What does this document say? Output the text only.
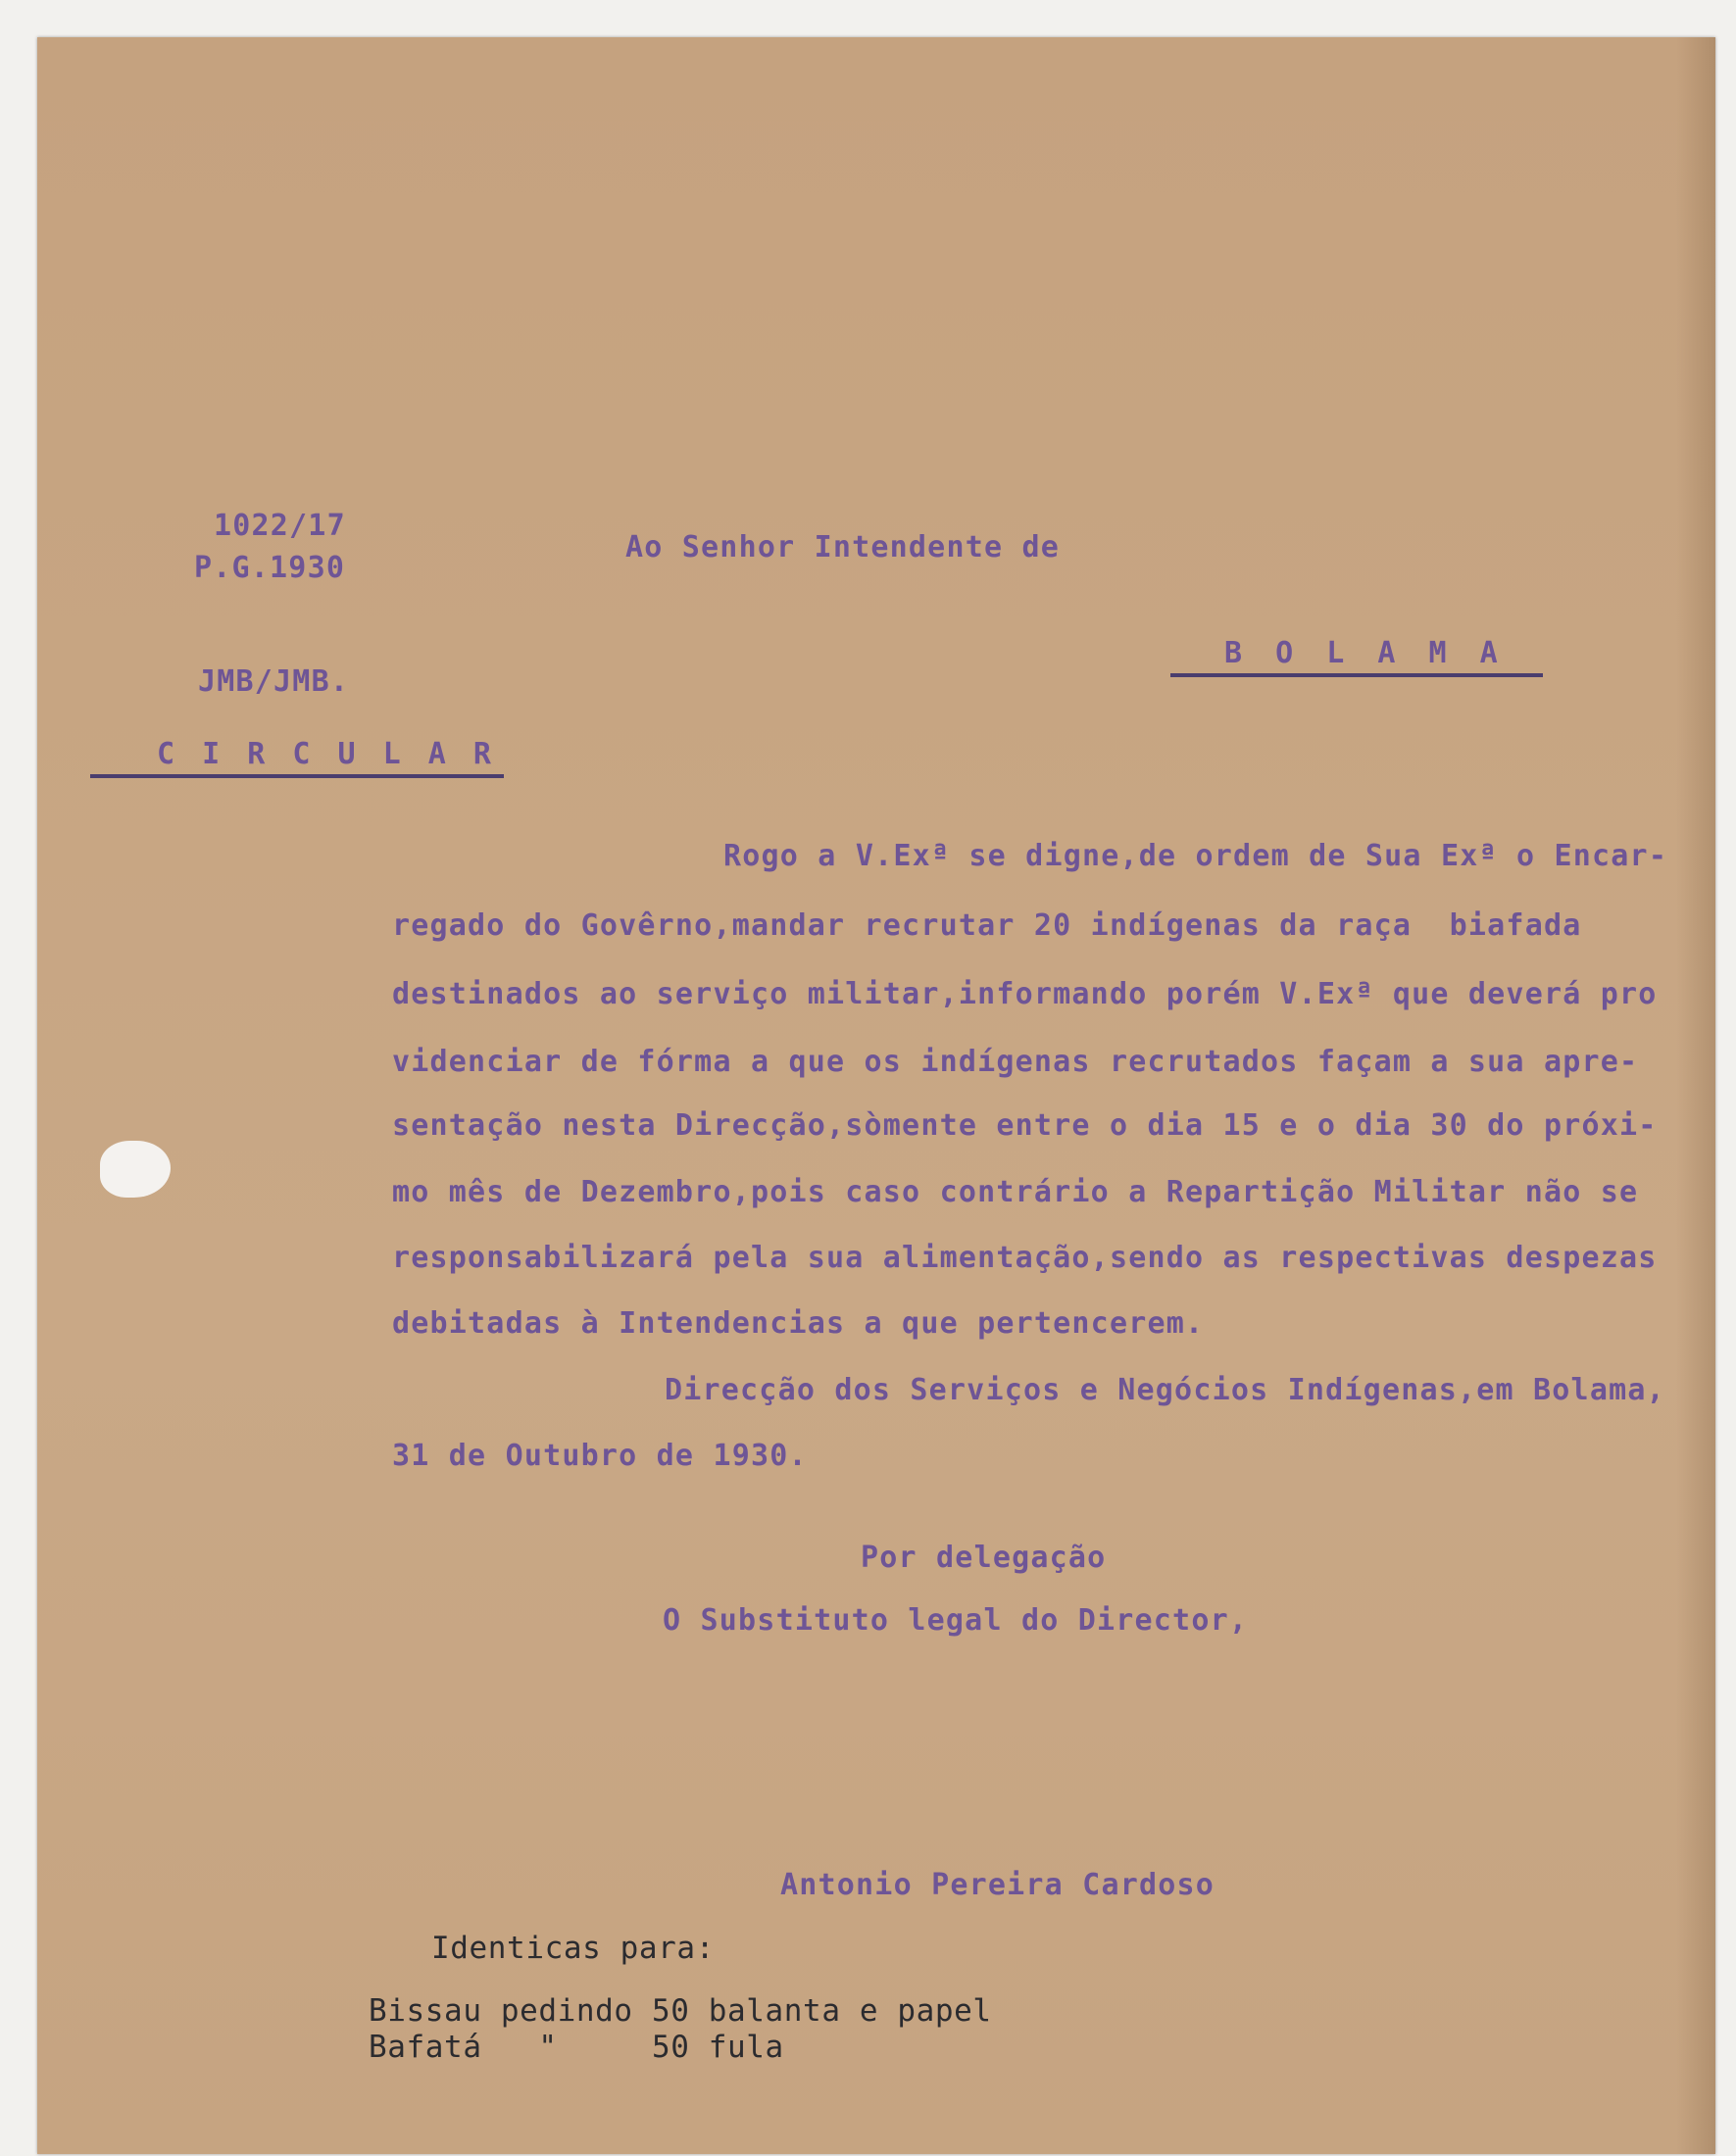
1022/17
P.G.1930
Ao Senhor Intendente de
B O L A M A
JMB/JMB.
C I R C U L A R
Rogo a V.Exª se digne,de ordem de Sua Exª o Encar-
regado do Govêrno,mandar recrutar 20 indígenas da raça  biafada
destinados ao serviço militar,informando porém V.Exª que deverá pro
videnciar de fórma a que os indígenas recrutados façam a sua apre-
sentação nesta Direcção,sòmente entre o dia 15 e o dia 30 do próxi-
mo mês de Dezembro,pois caso contrário a Repartição Militar não se
responsabilizará pela sua alimentação,sendo as respectivas despezas
debitadas à Intendencias a que pertencerem.
Direcção dos Serviços e Negócios Indígenas,em Bolama,
31 de Outubro de 1930.
Por delegação
O Substituto legal do Director,
Antonio Pereira Cardoso
Identicas para:
Bissau pedindo 50 balanta e papel
Bafatá   "     50 fula
